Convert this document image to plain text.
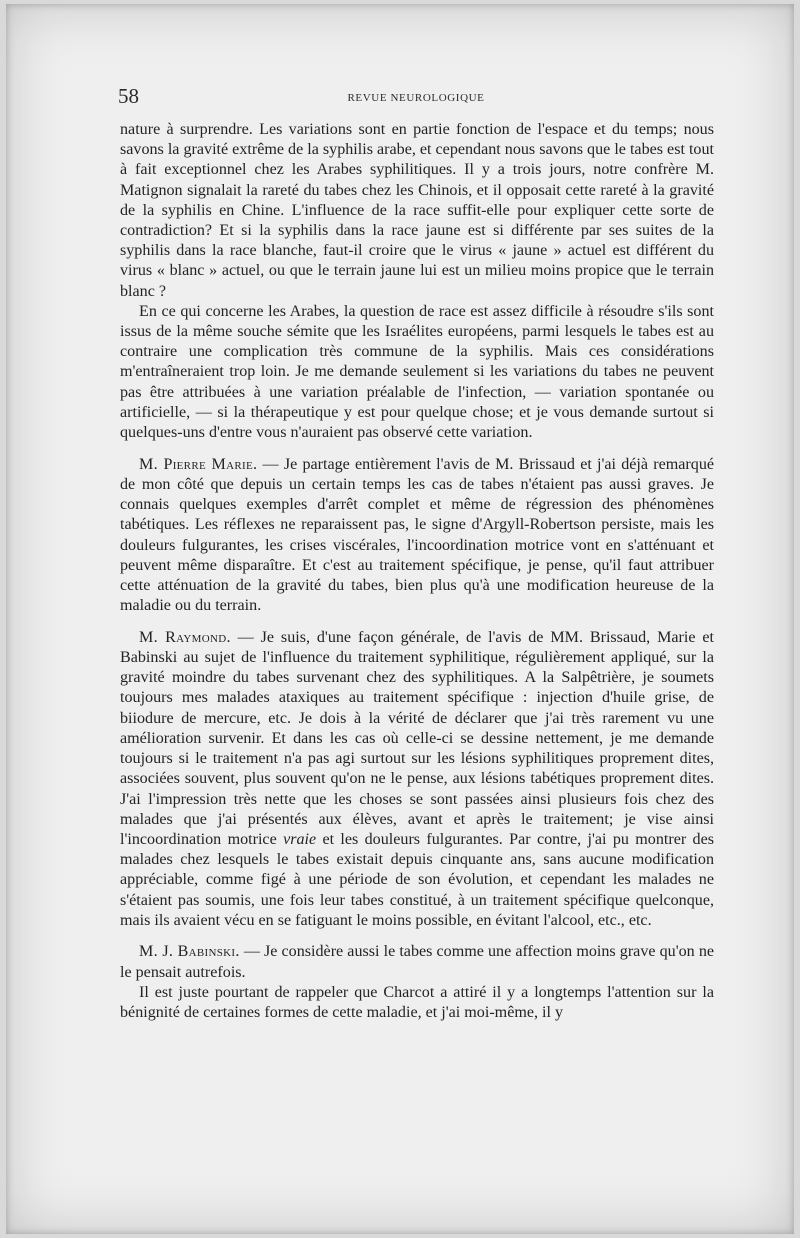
58	REVUE NEUROLOGIQUE

nature à surprendre. Les variations sont en partie fonction de l'espace et du temps; nous savons la gravité extrême de la syphilis arabe, et cependant nous savons que le tabes est tout à fait exceptionnel chez les Arabes syphilitiques. Il y a trois jours, notre confrère M. Matignon signalait la rareté du tabes chez les Chinois, et il opposait cette rareté à la gravité de la syphilis en Chine. L'influence de la race suffit-elle pour expliquer cette sorte de contradiction? Et si la syphilis dans la race jaune est si différente par ses suites de la syphilis dans la race blanche, faut-il croire que le virus « jaune » actuel est différent du virus « blanc » actuel, ou que le terrain jaune lui est un milieu moins propice que le terrain blanc ?

En ce qui concerne les Arabes, la question de race est assez difficile à résoudre s'ils sont issus de la même souche sémite que les Israélites européens, parmi lesquels le tabes est au contraire une complication très commune de la syphilis. Mais ces considérations m'entraîneraient trop loin. Je me demande seulement si les variations du tabes ne peuvent pas être attribuées à une variation préalable de l'infection, — variation spontanée ou artificielle, — si la thérapeutique y est pour quelque chose; et je vous demande surtout si quelques-uns d'entre vous n'auraient pas observé cette variation.

M. Pierre Marie. — Je partage entièrement l'avis de M. Brissaud et j'ai déjà remarqué de mon côté que depuis un certain temps les cas de tabes n'étaient pas aussi graves. Je connais quelques exemples d'arrêt complet et même de régression des phénomènes tabétiques. Les réflexes ne reparaissent pas, le signe d'Argyll-Robertson persiste, mais les douleurs fulgurantes, les crises viscérales, l'incoordination motrice vont en s'atténuant et peuvent même disparaître. Et c'est au traitement spécifique, je pense, qu'il faut attribuer cette atténuation de la gravité du tabes, bien plus qu'à une modification heureuse de la maladie ou du terrain.

M. Raymond. — Je suis, d'une façon générale, de l'avis de MM. Brissaud, Marie et Babinski au sujet de l'influence du traitement syphilitique, régulièrement appliqué, sur la gravité moindre du tabes survenant chez des syphilitiques. A la Salpêtrière, je soumets toujours mes malades ataxiques au traitement spécifique : injection d'huile grise, de biiodure de mercure, etc. Je dois à la vérité de déclarer que j'ai très rarement vu une amélioration survenir. Et dans les cas où celle-ci se dessine nettement, je me demande toujours si le traitement n'a pas agi surtout sur les lésions syphilitiques proprement dites, associées souvent, plus souvent qu'on ne le pense, aux lésions tabétiques proprement dites. J'ai l'impression très nette que les choses se sont passées ainsi plusieurs fois chez des malades que j'ai présentés aux élèves, avant et après le traitement; je vise ainsi l'incoordination motrice vraie et les douleurs fulgurantes. Par contre, j'ai pu montrer des malades chez lesquels le tabes existait depuis cinquante ans, sans aucune modification appréciable, comme figé à une période de son évolution, et cependant les malades ne s'étaient pas soumis, une fois leur tabes constitué, à un traitement spécifique quelconque, mais ils avaient vécu en se fatiguant le moins possible, en évitant l'alcool, etc., etc.

M. J. Babinski. — Je considère aussi le tabes comme une affection moins grave qu'on ne le pensait autrefois.

Il est juste pourtant de rappeler que Charcot a attiré il y a longtemps l'attention sur la bénignité de certaines formes de cette maladie, et j'ai moi-même, il y
